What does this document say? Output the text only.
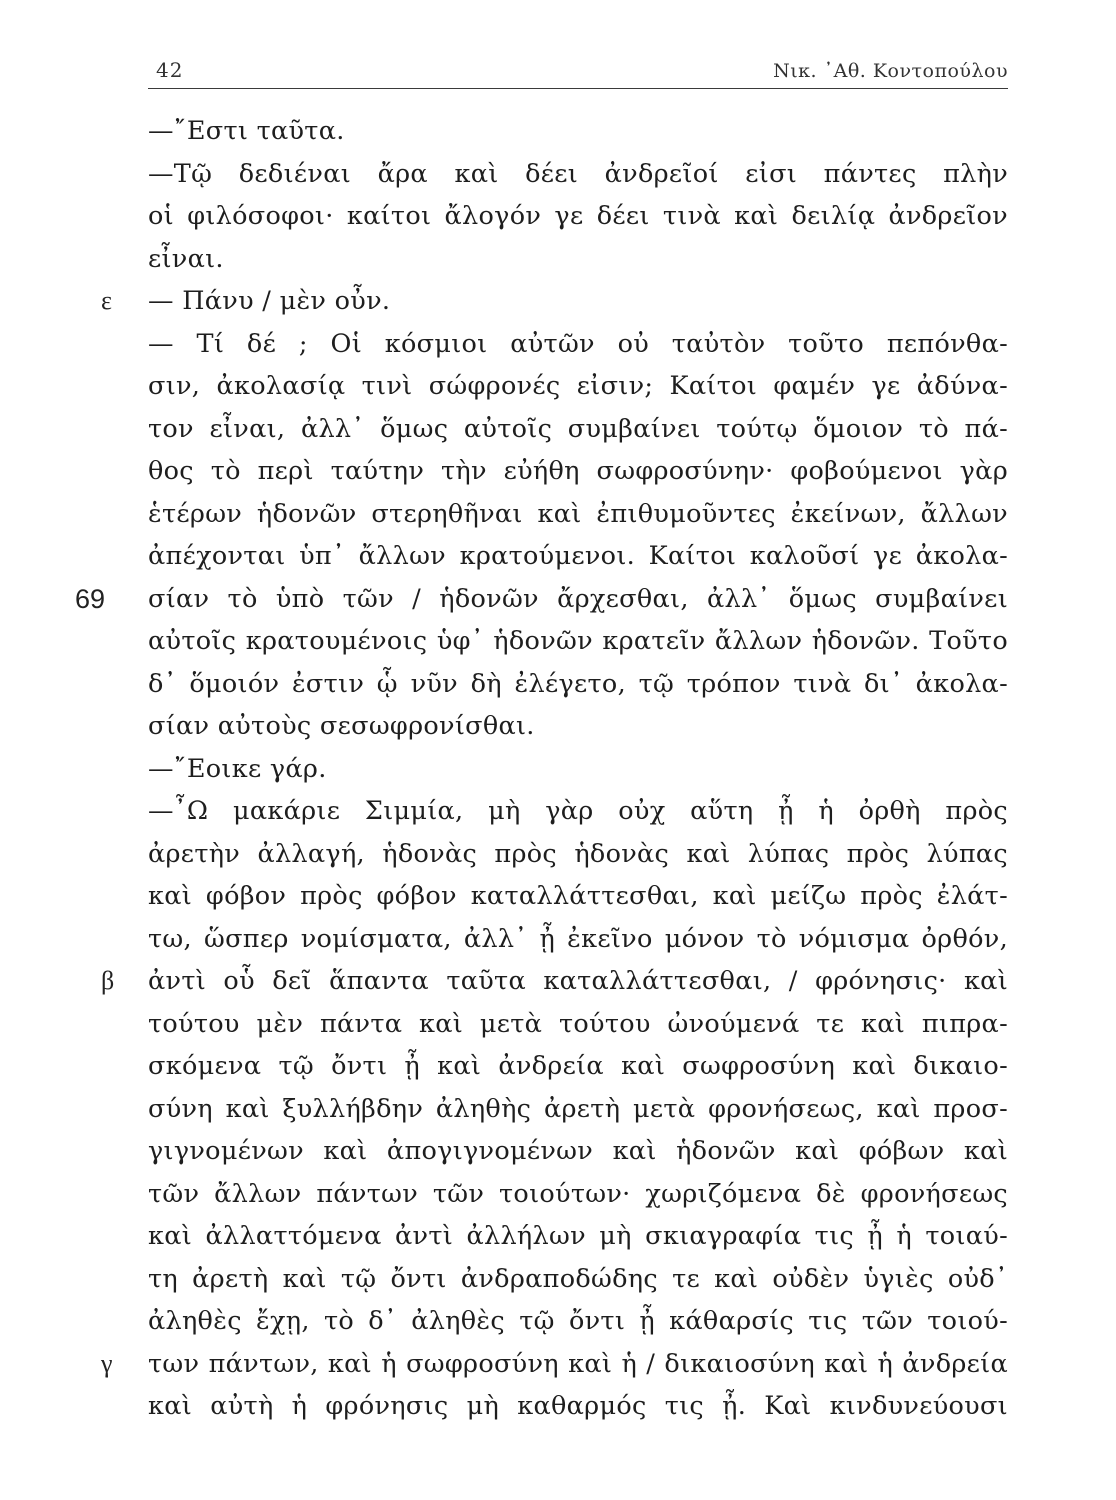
42	Νικ. ᾿Αθ. Κοντοπούλου
ε
69
β
γ
—῎Εστι ταῦτα.
—Τῷ δεδιέναι ἄρα καὶ δέει ἀνδρεῖοί εἰσι πάντες πλὴν
οἱ φιλόσοφοι· καίτοι ἄλογόν γε δέει τινὰ καὶ δειλίᾳ ἀνδρεῖον
εἶναι.
— Πάνυ / μὲν οὖν.
— Τί δέ ; Οἱ κόσμιοι αὐτῶν οὐ ταὐτὸν τοῦτο πεπόνθα-
σιν, ἀκολασίᾳ τινὶ σώφρονές εἰσιν; Καίτοι φαμέν γε ἀδύνα-
τον εἶναι, ἀλλ᾿ ὅμως αὐτοῖς συμβαίνει τούτῳ ὅμοιον τὸ πά-
θος τὸ περὶ ταύτην τὴν εὐήθη σωφροσύνην· φοβούμενοι γὰρ
ἑτέρων ἡδονῶν στερηθῆναι καὶ ἐπιθυμοῦντες ἐκείνων, ἄλλων
ἀπέχονται ὑπ᾿ ἄλλων κρατούμενοι. Καίτοι καλοῦσί γε ἀκολα-
σίαν τὸ ὑπὸ τῶν / ἡδονῶν ἄρχεσθαι, ἀλλ᾿ ὅμως συμβαίνει
αὐτοῖς κρατουμένοις ὑφ᾿ ἡδονῶν κρατεῖν ἄλλων ἡδονῶν. Τοῦτο
δ᾿ ὅμοιόν ἐστιν ᾧ νῦν δὴ ἐλέγετο, τῷ τρόπον τινὰ δι᾿ ἀκολα-
σίαν αὐτοὺς σεσωφρονίσθαι.
—῎Εοικε γάρ.
—῏Ω μακάριε Σιμμία, μὴ γὰρ οὐχ αὕτη ᾖ ἡ ὀρθὴ πρὸς
ἀρετὴν ἀλλαγή, ἡδονὰς πρὸς ἡδονὰς καὶ λύπας πρὸς λύπας
καὶ φόβον πρὸς φόβον καταλλάττεσθαι, καὶ μείζω πρὸς ἐλάτ-
τω, ὥσπερ νομίσματα, ἀλλ᾿ ᾖ ἐκεῖνο μόνον τὸ νόμισμα ὀρθόν,
ἀντὶ οὗ δεῖ ἅπαντα ταῦτα καταλλάττεσθαι, / φρόνησις· καὶ
τούτου μὲν πάντα καὶ μετὰ τούτου ὠνούμενά τε καὶ πιπρα-
σκόμενα τῷ ὄντι ᾖ καὶ ἀνδρεία καὶ σωφροσύνη καὶ δικαιο-
σύνη καὶ ξυλλήβδην ἀληθὴς ἀρετὴ μετὰ φρονήσεως, καὶ προσ-
γιγνομένων καὶ ἀπογιγνομένων καὶ ἡδονῶν καὶ φόβων καὶ
τῶν ἄλλων πάντων τῶν τοιούτων· χωριζόμενα δὲ φρονήσεως
καὶ ἀλλαττόμενα ἀντὶ ἀλλήλων μὴ σκιαγραφία τις ᾖ ἡ τοιαύ-
τη ἀρετὴ καὶ τῷ ὄντι ἀνδραποδώδης τε καὶ οὐδὲν ὑγιὲς οὐδ᾿
ἀληθὲς ἔχῃ, τὸ δ᾿ ἀληθὲς τῷ ὄντι ᾖ κάθαρσίς τις τῶν τοιού-
των πάντων, καὶ ἡ σωφροσύνη καὶ ἡ / δικαιοσύνη καὶ ἡ ἀνδρεία
καὶ αὐτὴ ἡ φρόνησις μὴ καθαρμός τις ᾖ. Καὶ κινδυνεύουσι
